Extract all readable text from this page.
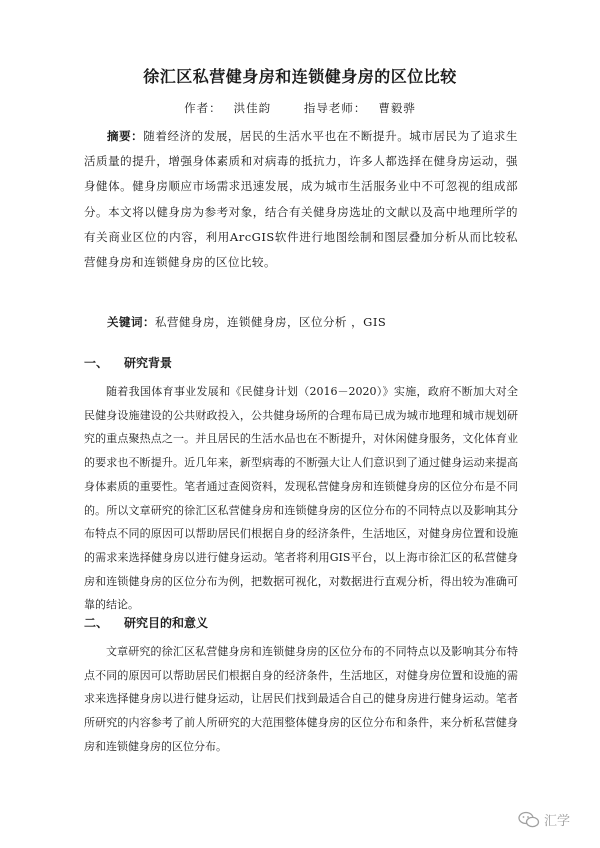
徐汇区私营健身房和连锁健身房的区位比较
作者： 洪佳韵	指导老师： 曹毅骅

摘要：随着经济的发展，居民的生活水平也在不断提升。城市居民为了追求生活质量的提升，增强身体素质和对病毒的抵抗力，许多人都选择在健身房运动，强身健体。健身房顺应市场需求迅速发展，成为城市生活服务业中不可忽视的组成部分。本文将以健身房为参考对象，结合有关健身房选址的文献以及高中地理所学的有关商业区位的内容，利用ArcGIS软件进行地图绘制和图层叠加分析从而比较私营健身房和连锁健身房的区位比较。

关键词：私营健身房，连锁健身房，区位分析 ，GIS

一、 研究背景

随着我国体育事业发展和《民健身计划（2016－2020）》实施，政府不断加大对全民健身设施建设的公共财政投入，公共健身场所的合理布局已成为城市地理和城市规划研究的重点聚热点之一。并且居民的生活水品也在不断提升，对休闲健身服务，文化体育业的要求也不断提升。近几年来，新型病毒的不断强大让人们意识到了通过健身运动来提高身体素质的重要性。笔者通过查阅资料，发现私营健身房和连锁健身房的区位分布是不同的。所以文章研究的徐汇区私营健身房和连锁健身房的区位分布的不同特点以及影响其分布特点不同的原因可以帮助居民们根据自身的经济条件，生活地区，对健身房位置和设施的需求来选择健身房以进行健身运动。笔者将利用GIS平台，以上海市徐汇区的私营健身房和连锁健身房的区位分布为例，把数据可视化，对数据进行直观分析，得出较为准确可靠的结论。

二、 研究目的和意义

文章研究的徐汇区私营健身房和连锁健身房的区位分布的不同特点以及影响其分布特点不同的原因可以帮助居民们根据自身的经济条件，生活地区，对健身房位置和设施的需求来选择健身房以进行健身运动，让居民们找到最适合自己的健身房进行健身运动。笔者所研究的内容参考了前人所研究的大范围整体健身房的区位分布和条件，来分析私营健身房和连锁健身房的区位分布。

汇学
